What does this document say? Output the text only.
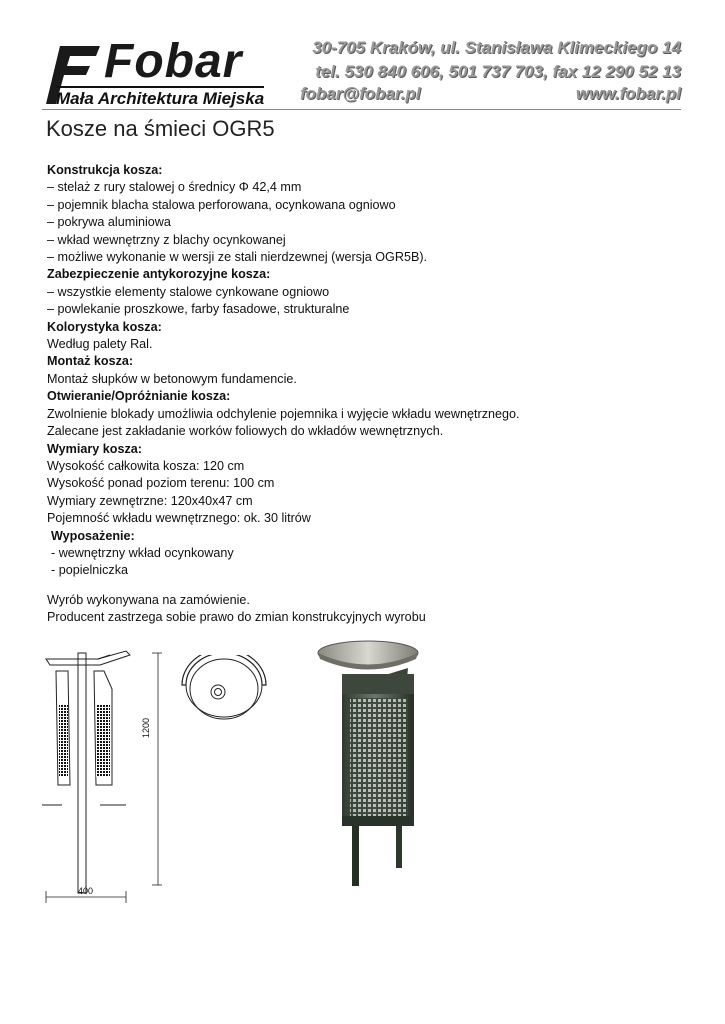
Fobar
Mała Architektura Miejska
30-705 Kraków, ul. Stanisława Klimeckiego 14
tel. 530 840 606, 501 737 703, fax 12 290 52 13
fobar@fobar.pl	www.fobar.pl
Kosze na śmieci OGR5

Konstrukcja kosza:

– stelaż z rury stalowej o średnicy Φ 42,4 mm

– pojemnik blacha stalowa perforowana, ocynkowana ogniowo

– pokrywa aluminiowa

– wkład wewnętrzny z blachy ocynkowanej

– możliwe wykonanie w wersji ze stali nierdzewnej (wersja OGR5B).

Zabezpieczenie antykorozyjne kosza:

– wszystkie elementy stalowe cynkowane ogniowo

– powlekanie proszkowe, farby fasadowe, strukturalne

Kolorystyka kosza:

Według palety Ral.

Montaż kosza:

Montaż słupków w betonowym fundamencie.

Otwieranie/Opróżnianie kosza:

Zwolnienie blokady umożliwia odchylenie pojemnika i wyjęcie wkładu wewnętrznego.

Zalecane jest zakładanie worków foliowych do wkładów wewnętrznych.

Wymiary kosza:

Wysokość całkowita kosza: 120 cm

Wysokość ponad poziom terenu: 100 cm

Wymiary zewnętrzne: 120x40x47 cm

Pojemność wkładu wewnętrznego: ok. 30 litrów

Wyposażenie:

- wewnętrzny wkład ocynkowany

- popielniczka

Wyrób wykonywana na zamówienie.

Producent zastrzega sobie prawo do zmian konstrukcyjnych wyrobu

1200
400
